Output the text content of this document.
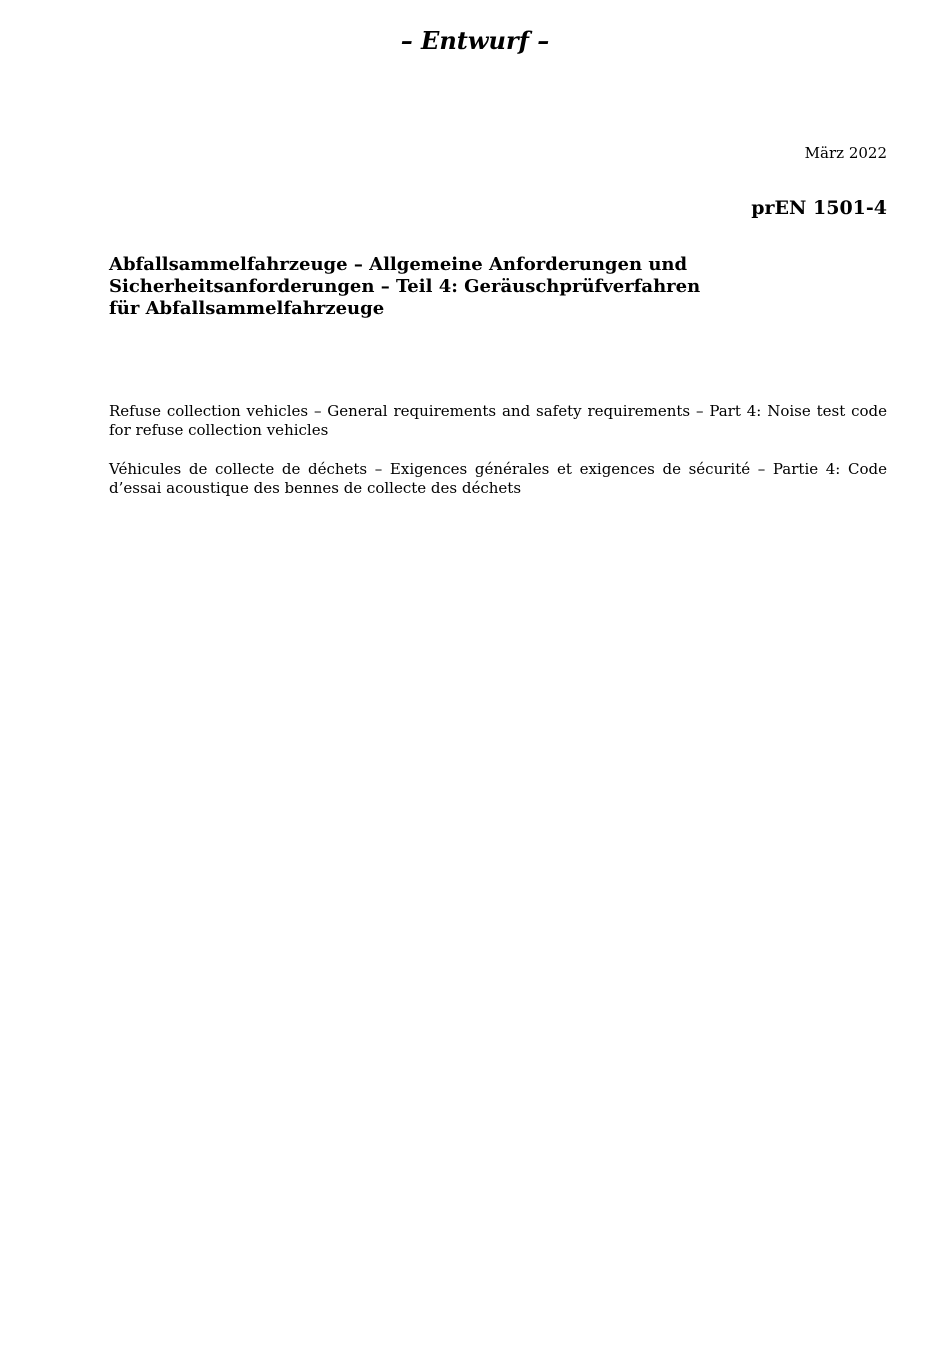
– Entwurf –
März 2022
prEN 1501-4
Abfallsammelfahrzeuge – Allgemeine Anforderungen und Sicherheitsanforderungen – Teil 4: Geräuschprüfverfahren für Abfallsammelfahrzeuge
Refuse collection vehicles – General requirements and safety requirements – Part 4: Noise test code for refuse collection vehicles
Véhicules de collecte de déchets – Exigences générales et exigences de sécurité – Partie 4: Code d’essai acoustique des bennes de collecte des déchets
